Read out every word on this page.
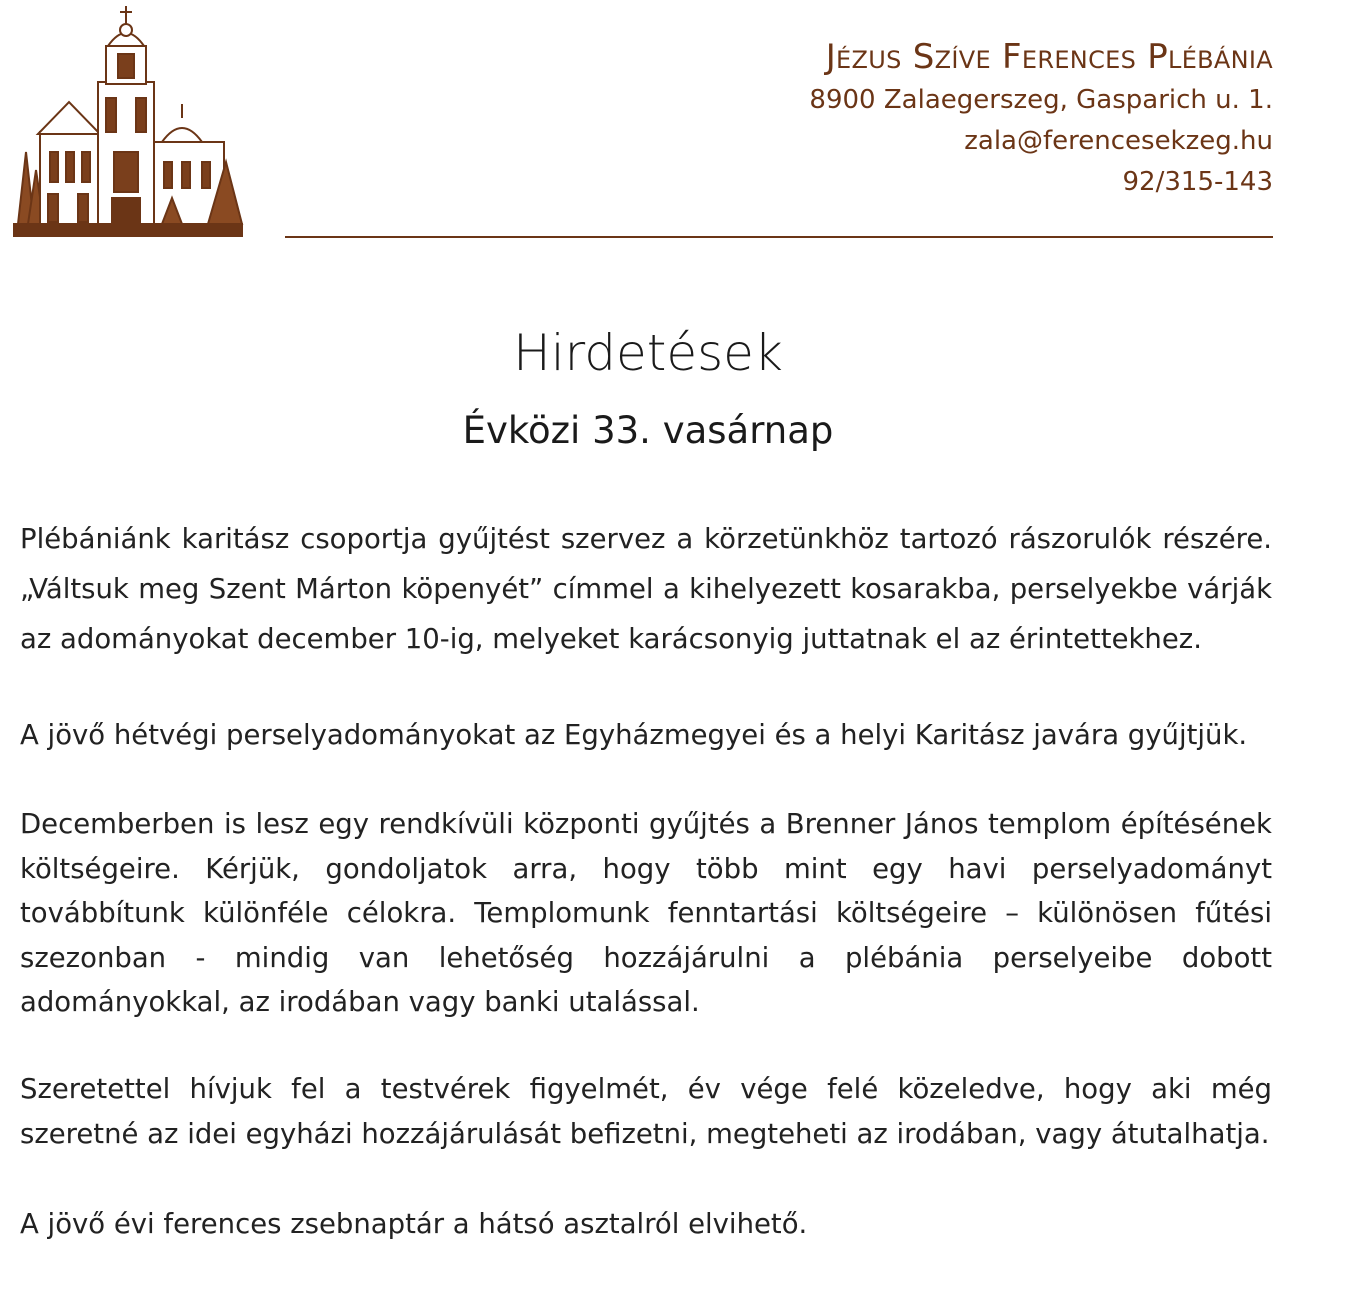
Jézus Szíve Ferences Plébánia
8900 Zalaegerszeg, Gasparich u. 1.
zala@ferencesekzeg.hu
92/315-143
Hirdetések
Évközi 33. vasárnap

Plébániánk karitász csoportja gyűjtést szervez a körzetünkhöz tartozó rászorulók részére. „Váltsuk meg Szent Márton köpenyét” címmel a kihelyezett kosarakba, perselyekbe várják az adományokat december 10-ig, melyeket karácsonyig juttatnak el az érintettekhez.

A jövő hétvégi perselyadományokat az Egyházmegyei és a helyi Karitász javára gyűjtjük.

Decemberben is lesz egy rendkívüli központi gyűjtés a Brenner János templom építésének költségeire. Kérjük, gondoljatok arra, hogy több mint egy havi perselyadományt továbbítunk különféle célokra. Templomunk fenntartási költségeire – különösen fűtési szezonban - mindig van lehetőség hozzájárulni a plébánia perselyeibe dobott adományokkal, az irodában vagy banki utalással.

Szeretettel hívjuk fel a testvérek figyelmét, év vége felé közeledve, hogy aki még szeretné az idei egyházi hozzájárulását befizetni, megteheti az irodában, vagy átutalhatja.

A jövő évi ferences zsebnaptár a hátsó asztalról elvihető.
